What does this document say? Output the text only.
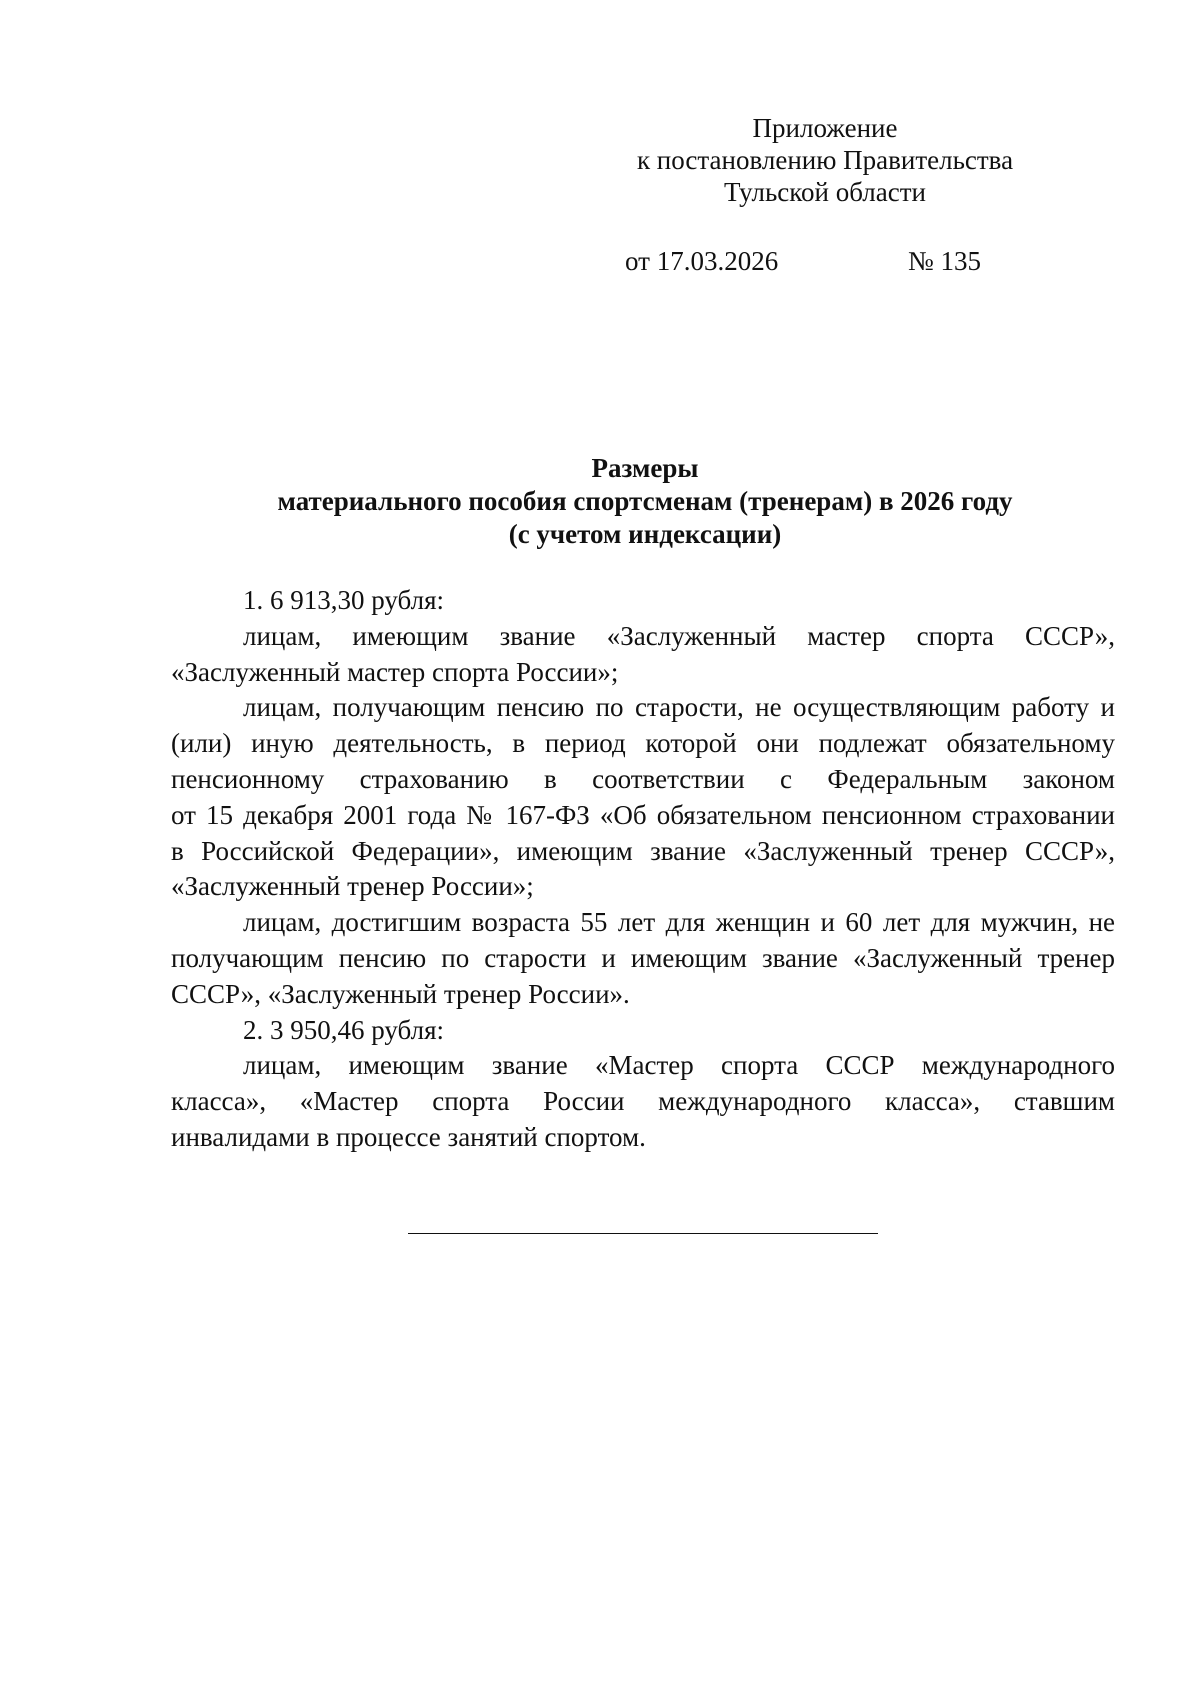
Приложение
к постановлению Правительства
Тульской области
от 17.03.2026	№ 135
Размеры
материального пособия спортсменам (тренерам) в 2026 году
(с учетом индексации)
1. 6 913,30 рубля:
лицам, имеющим звание «Заслуженный мастер спорта СССР»,
«Заслуженный мастер спорта России»;
лицам, получающим пенсию по старости, не осуществляющим работу и
(или) иную деятельность, в период которой они подлежат обязательному
пенсионному страхованию в соответствии с Федеральным законом
от 15 декабря 2001 года № 167-ФЗ «Об обязательном пенсионном страховании
в Российской Федерации», имеющим звание «Заслуженный тренер СССР»,
«Заслуженный тренер России»;
лицам, достигшим возраста 55 лет для женщин и 60 лет для мужчин, не
получающим пенсию по старости и имеющим звание «Заслуженный тренер
СССР», «Заслуженный тренер России».
2. 3 950,46 рубля:
лицам, имеющим звание «Мастер спорта СССР международного
класса», «Мастер спорта России международного класса», ставшим
инвалидами в процессе занятий спортом.
